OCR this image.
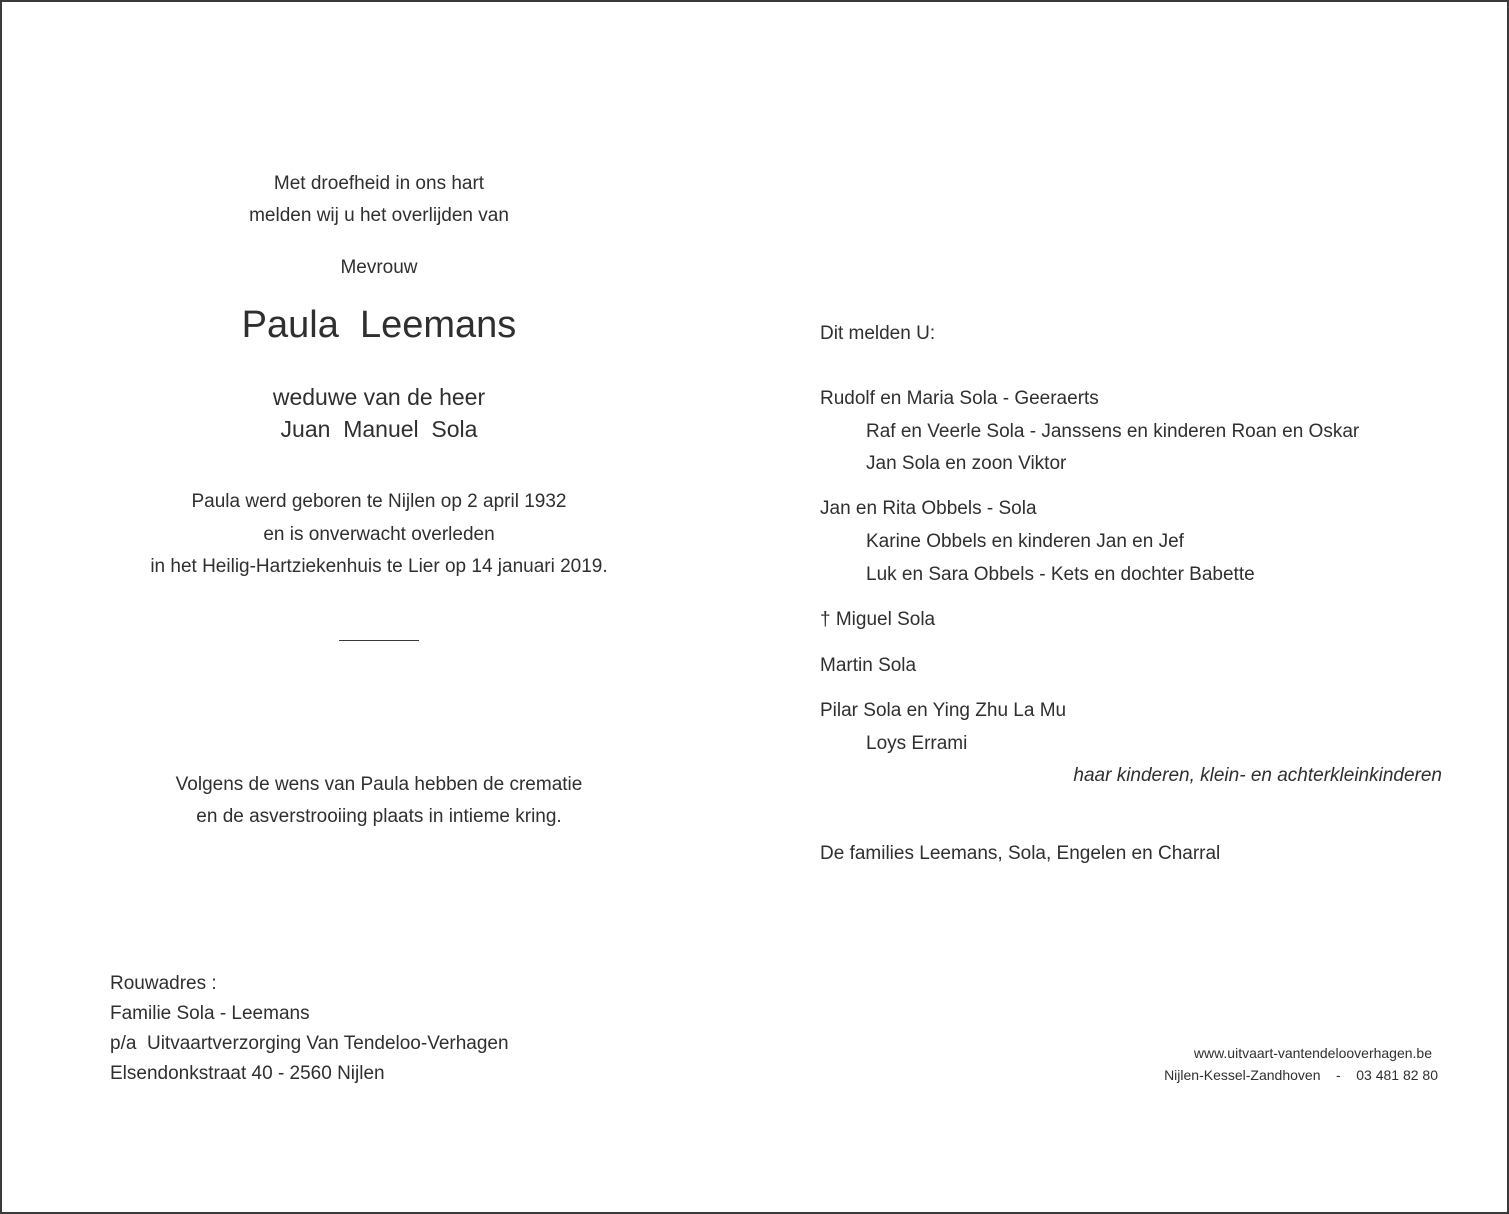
Met droefheid in ons hart
melden wij u het overlijden van
Mevrouw
Paula  Leemans
weduwe van de heer
Juan  Manuel  Sola
Paula werd geboren te Nijlen op 2 april 1932
en is onverwacht overleden
in het Heilig-Hartziekenhuis te Lier op 14 januari 2019.
Volgens de wens van Paula hebben de crematie
en de asverstrooiing plaats in intieme kring.
Rouwadres :
Familie Sola - Leemans
p/a  Uitvaartverzorging Van Tendeloo-Verhagen
Elsendonkstraat 40 - 2560 Nijlen
Dit melden U:
Rudolf en Maria Sola - Geeraerts
Raf en Veerle Sola - Janssens en kinderen Roan en Oskar
Jan Sola en zoon Viktor
Jan en Rita Obbels - Sola
Karine Obbels en kinderen Jan en Jef
Luk en Sara Obbels - Kets en dochter Babette
† Miguel Sola
Martin Sola
Pilar Sola en Ying Zhu La Mu
Loys Errami
haar kinderen, klein- en achterkleinkinderen
De families Leemans, Sola, Engelen en Charral
www.uitvaart-vantendelooverhagen.be
Nijlen-Kessel-Zandhoven    -    03 481 82 80
